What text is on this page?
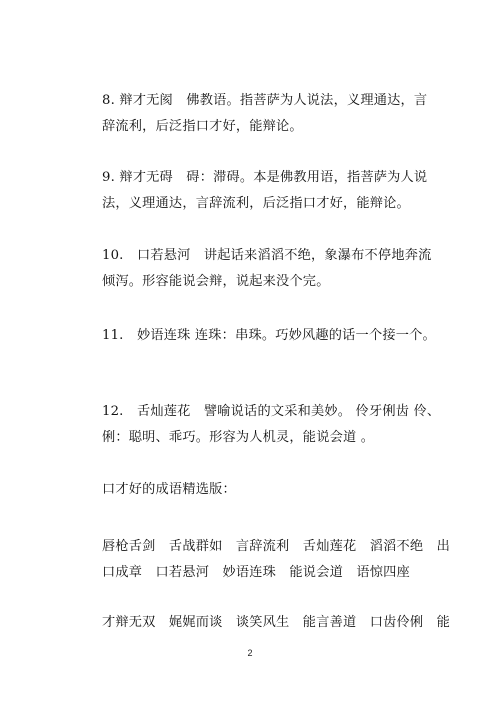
8. 辩才无阂　佛教语。指菩萨为人说法，义理通达，言
辞流利，后泛指口才好，能辩论。
9. 辩才无碍　碍：滞碍。本是佛教用语，指菩萨为人说
法，义理通达，言辞流利，后泛指口才好，能辩论。
10.　口若悬河　讲起话来滔滔不绝，象瀑布不停地奔流
倾泻。形容能说会辩，说起来没个完。
11.　妙语连珠 连珠：串珠。巧妙风趣的话一个接一个。
12.　舌灿莲花　譬喻说话的文采和美妙。 伶牙俐齿 伶、
俐：聪明、乖巧。形容为人机灵，能说会道 。
口才好的成语精选版：
唇枪舌剑　舌战群如　言辞流利　舌灿莲花　滔滔不绝　出
口成章　口若悬河　妙语连珠　能说会道　语惊四座
才辩无双　娓娓而谈　谈笑风生　能言善道　口齿伶俐　能
2
